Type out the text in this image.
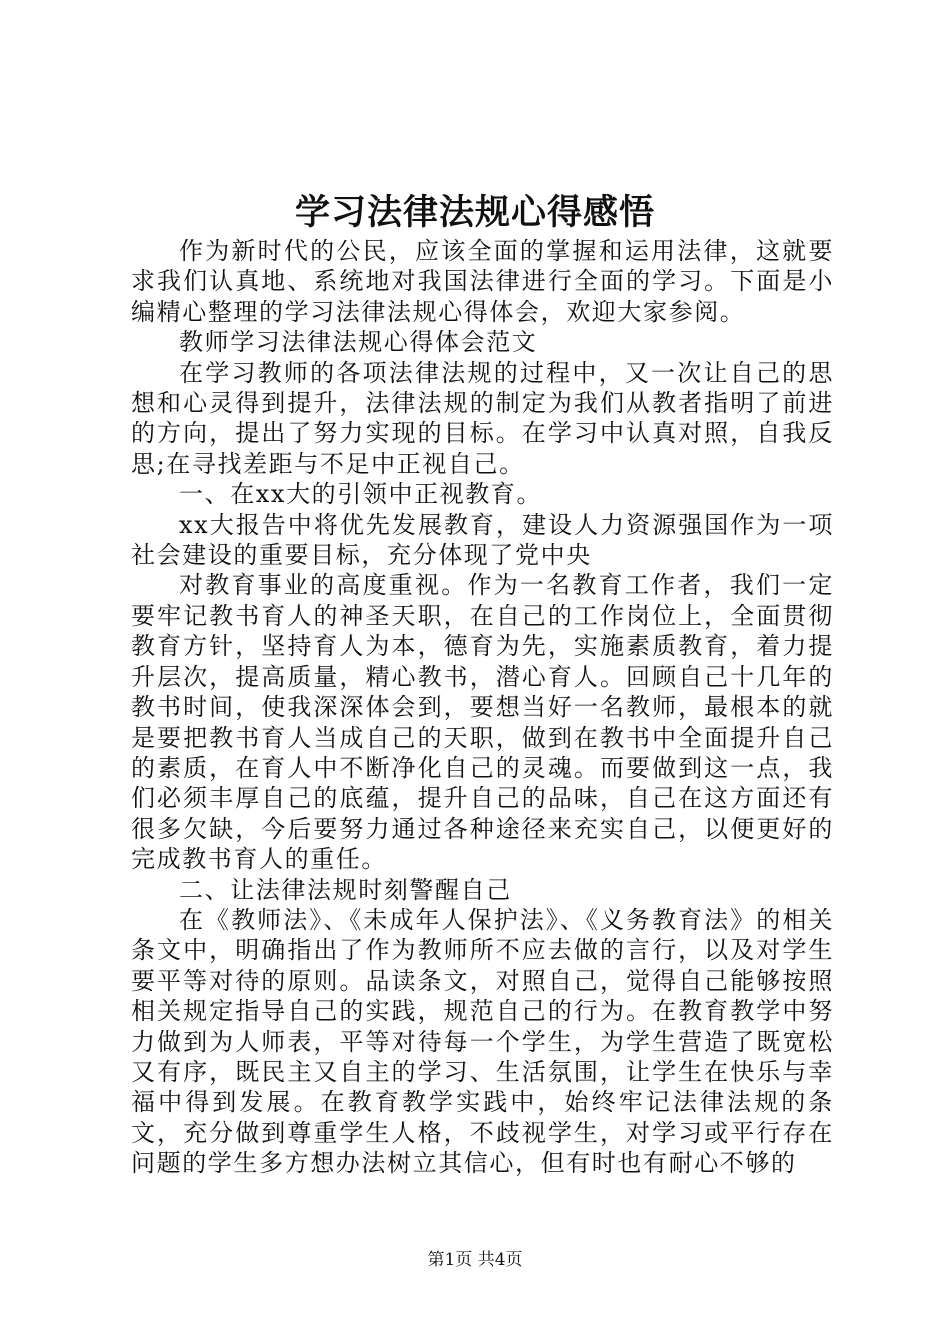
学习法律法规心得感悟

作为新时代的公民，应该全面的掌握和运用法律，这就要求我们认真地、系统地对我国法律进行全面的学习。下面是小编精心整理的学习法律法规心得体会，欢迎大家参阅。

教师学习法律法规心得体会范文

在学习教师的各项法律法规的过程中，又一次让自己的思想和心灵得到提升，法律法规的制定为我们从教者指明了前进的方向，提出了努力实现的目标。在学习中认真对照，自我反思;在寻找差距与不足中正视自己。

一、在xx大的引领中正视教育。

xx大报告中将优先发展教育，建设人力资源强国作为一项社会建设的重要目标，充分体现了党中央

对教育事业的高度重视。作为一名教育工作者，我们一定要牢记教书育人的神圣天职，在自己的工作岗位上，全面贯彻教育方针，坚持育人为本，德育为先，实施素质教育，着力提升层次，提高质量，精心教书，潜心育人。回顾自己十几年的教书时间，使我深深体会到，要想当好一名教师，最根本的就是要把教书育人当成自己的天职，做到在教书中全面提升自己的素质，在育人中不断净化自己的灵魂。而要做到这一点，我们必须丰厚自己的底蕴，提升自己的品味，自己在这方面还有很多欠缺，今后要努力通过各种途径来充实自己，以便更好的完成教书育人的重任。

二、让法律法规时刻警醒自己

在《教师法》、《未成年人保护法》、《义务教育法》的相关条文中，明确指出了作为教师所不应去做的言行，以及对学生要平等对待的原则。品读条文，对照自己，觉得自己能够按照相关规定指导自己的实践，规范自己的行为。在教育教学中努力做到为人师表，平等对待每一个学生，为学生营造了既宽松又有序，既民主又自主的学习、生活氛围，让学生在快乐与幸福中得到发展。在教育教学实践中，始终牢记法律法规的条文，充分做到尊重学生人格，不歧视学生，对学习或平行存在问题的学生多方想办法树立其信心，但有时也有耐心不够的

第1页 共4页
